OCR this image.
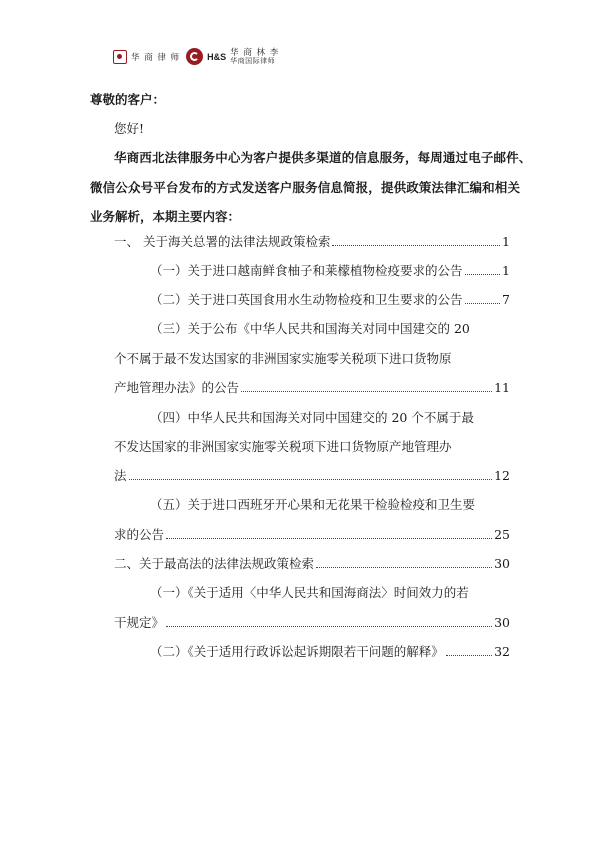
华 商 律 师	H&S 华 商 林 李
华商国际律师
尊敬的客户：
您好!
华商西北法律服务中心为客户提供多渠道的信息服务，每周通过电子邮件、
微信公众号平台发布的方式发送客户服务信息简报，提供政策法律汇编和相关
业务解析，本期主要内容：
一、 关于海关总署的法律法规政策检索	1
（一）关于进口越南鲜食柚子和莱檬植物检疫要求的公告	1
（二）关于进口英国食用水生动物检疫和卫生要求的公告	7
（三）关于公布《中华人民共和国海关对同中国建交的 20
个不属于最不发达国家的非洲国家实施零关税项下进口货物原
产地管理办法》的公告	11
（四）中华人民共和国海关对同中国建交的 20 个不属于最
不发达国家的非洲国家实施零关税项下进口货物原产地管理办
法	12
（五）关于进口西班牙开心果和无花果干检验检疫和卫生要
求的公告	25
二、关于最高法的法律法规政策检索	30
（一）《关于适用〈中华人民共和国海商法〉时间效力的若
干规定》	30
（二）《关于适用行政诉讼起诉期限若干问题的解释》	32
